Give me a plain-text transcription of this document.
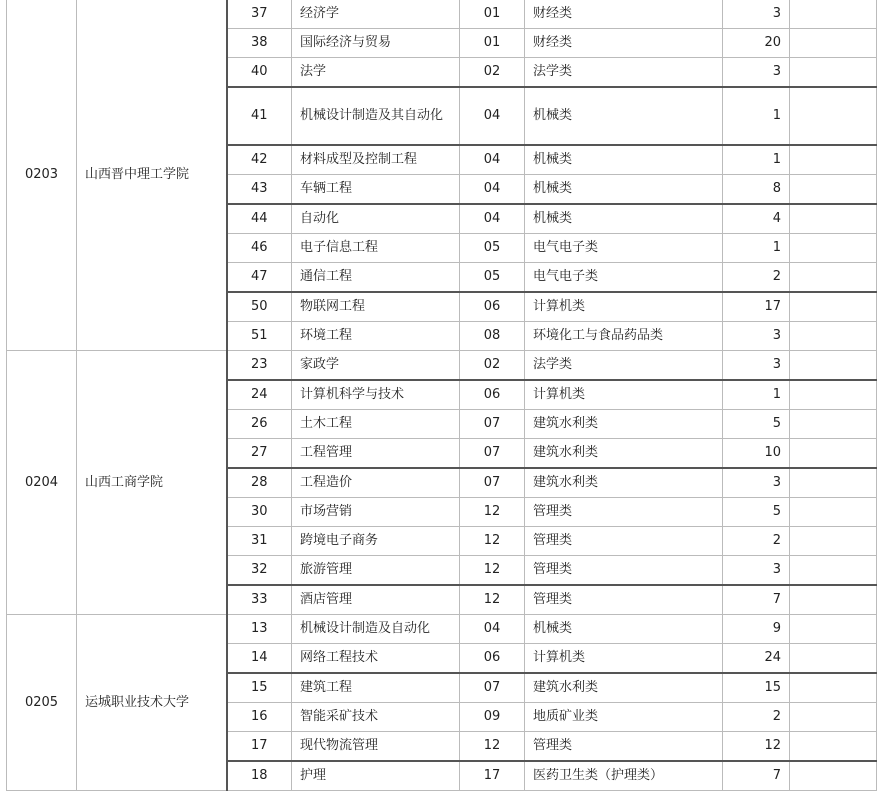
0203	山西晋中理工学院	37	经济学	01	财经类	3	
		38	国际经济与贸易	01	财经类	20	
		40	法学	02	法学类	3	
		41	机械设计制造及其自动化	04	机械类	1	
		42	材料成型及控制工程	04	机械类	1	
		43	车辆工程	04	机械类	8	
		44	自动化	04	机械类	4	
		46	电子信息工程	05	电气电子类	1	
		47	通信工程	05	电气电子类	2	
		50	物联网工程	06	计算机类	17	
		51	环境工程	08	环境化工与食品药品类	3	
0204	山西工商学院	23	家政学	02	法学类	3	
		24	计算机科学与技术	06	计算机类	1	
		26	土木工程	07	建筑水利类	5	
		27	工程管理	07	建筑水利类	10	
		28	工程造价	07	建筑水利类	3	
		30	市场营销	12	管理类	5	
		31	跨境电子商务	12	管理类	2	
		32	旅游管理	12	管理类	3	
		33	酒店管理	12	管理类	7	
0205	运城职业技术大学	13	机械设计制造及自动化	04	机械类	9	
		14	网络工程技术	06	计算机类	24	
		15	建筑工程	07	建筑水利类	15	
		16	智能采矿技术	09	地质矿业类	2	
		17	现代物流管理	12	管理类	12	
		18	护理	17	医药卫生类（护理类）	7	
